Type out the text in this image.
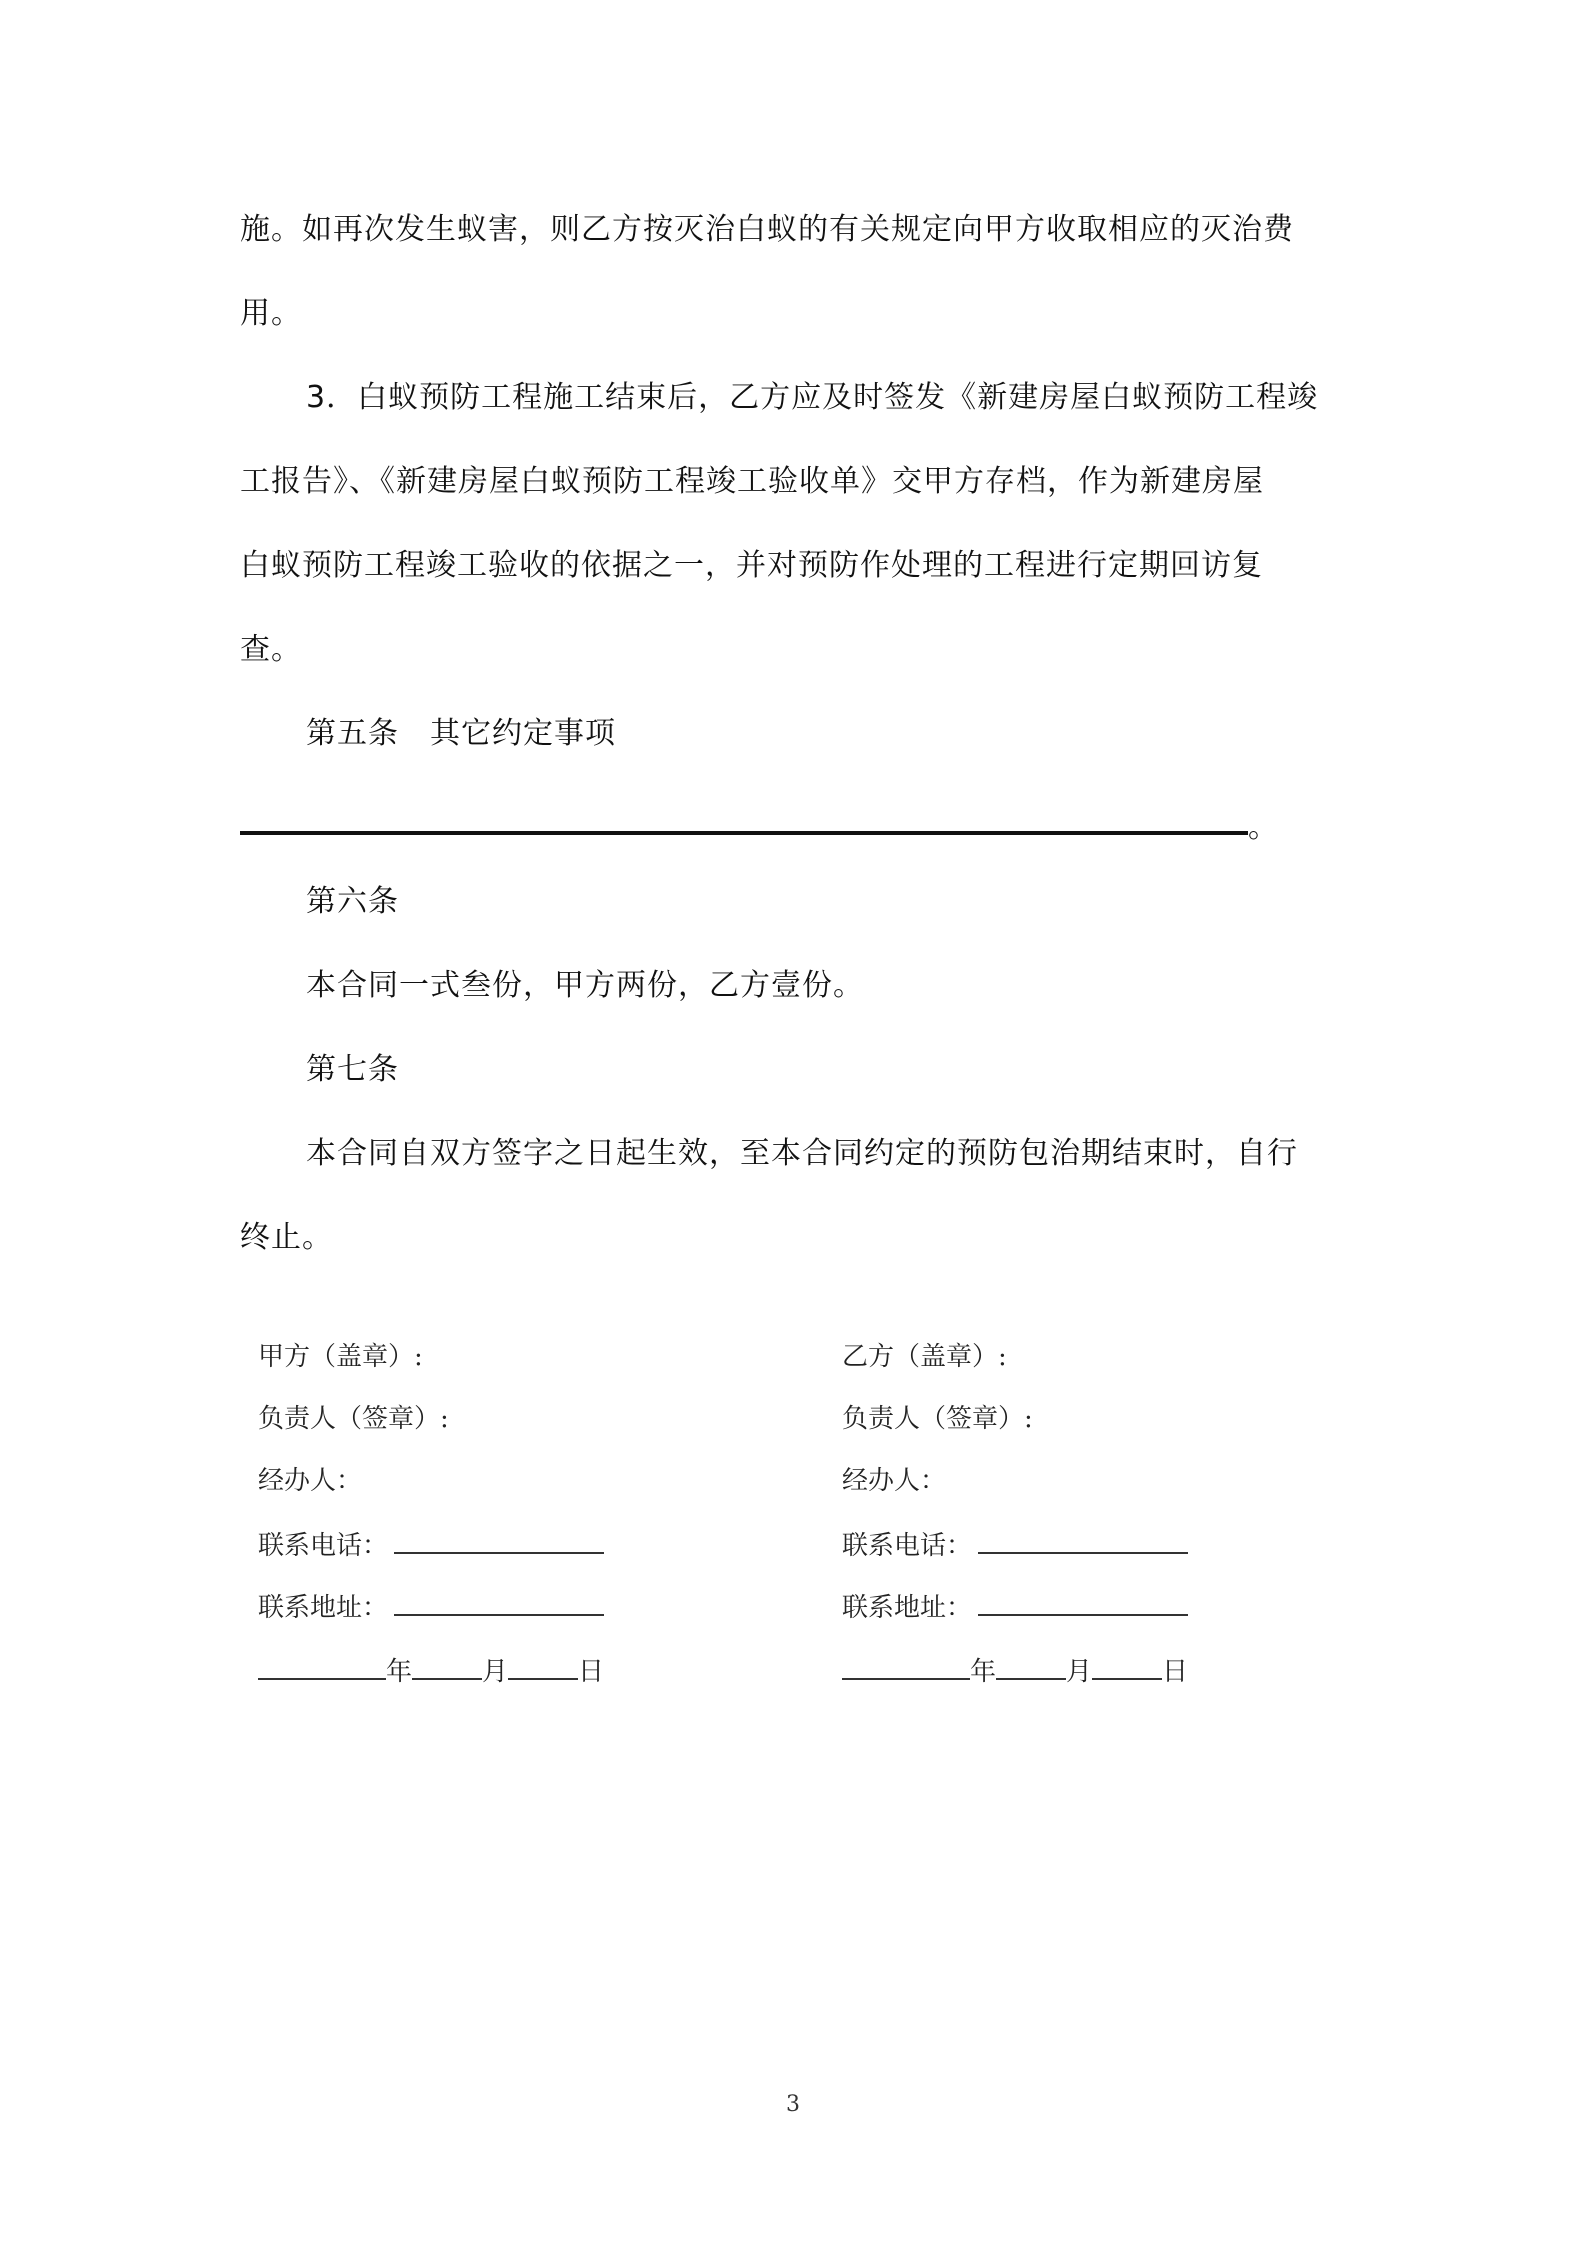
施。如再次发生蚁害，则乙方按灭治白蚁的有关规定向甲方收取相应的灭治费
用。
3．白蚁预防工程施工结束后，乙方应及时签发《新建房屋白蚁预防工程竣
工报告》、《新建房屋白蚁预防工程竣工验收单》交甲方存档，作为新建房屋
白蚁预防工程竣工验收的依据之一，并对预防作处理的工程进行定期回访复
查。
第五条　其它约定事项
。
第六条
本合同一式叁份，甲方两份，乙方壹份。
第七条
本合同自双方签字之日起生效，至本合同约定的预防包治期结束时，自行
终止。
甲方（盖章）:
负责人（签章）:
经办人：
联系电话：
联系地址：
年	月	日
乙方（盖章）:
负责人（签章）:
经办人：
联系电话：
联系地址：
年	月	日
3
